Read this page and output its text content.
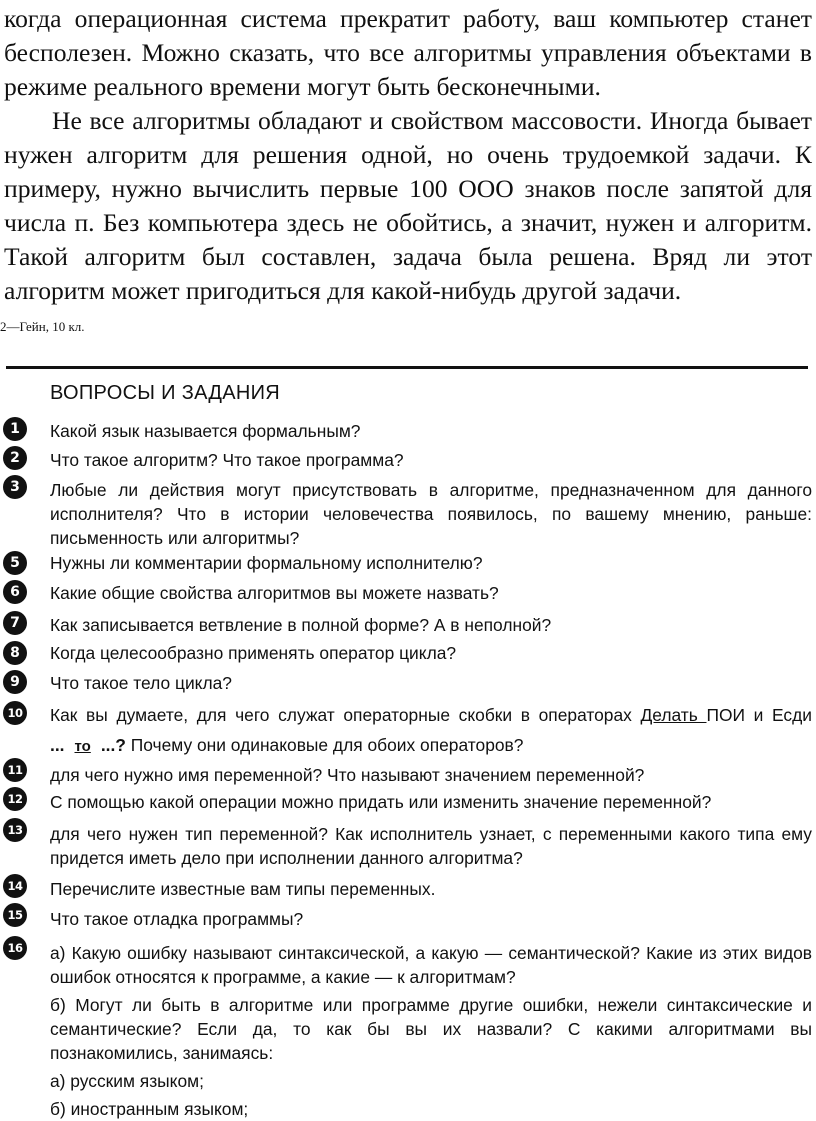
когда операционная система прекратит работу, ваш компьютер станет бесполезен. Можно сказать, что все алгоритмы управления объектами в режиме реального времени могут быть бесконечными.

Не все алгоритмы обладают и свойством массовости. Иногда бывает нужен алгоритм для решения одной, но очень трудоемкой задачи. К примеру, нужно вычислить первые 100 ООО знаков после запятой для числа п. Без компьютера здесь не обойтись, а значит, нужен и алгоритм. Такой алгоритм был составлен, задача была решена. Вряд ли этот алгоритм может пригодиться для какой-нибудь другой задачи.

2—Гейн, 10 кл.
ВОПРОСЫ И ЗАДАНИЯ
1	Какой язык называется формальным?
2	Что такое алгоритм? Что такое программа?
3	Любые ли действия могут присутствовать в алгоритме, предназначенном для данного исполнителя? Что в истории человечества появилось, по вашему мнению, раньше: письменность или алгоритмы?
5	Нужны ли комментарии формальному исполнителю?
6	Какие общие свойства алгоритмов вы можете назвать?
7	Как записывается ветвление в полной форме? А в неполной?
8	Когда целесообразно применять оператор цикла?
9	Что такое тело цикла?
10 Как вы думаете, для чего служат операторные скобки в операторах Делать ПОИ и Есди ... то ...? Почему они одинаковые для обоих операторов?
11 для чего нужно имя переменной? Что называют значением переменной?
12 С помощью какой операции можно придать или изменить значение переменной?
13 для чего нужен тип переменной? Как исполнитель узнает, с переменными какого типа ему придется иметь дело при исполнении данного алгоритма?
14 Перечислите известные вам типы переменных.
15 Что такое отладка программы?
16 а) Какую ошибку называют синтаксической, а какую — семантической? Какие из этих видов ошибок относятся к программе, а какие — к алгоритмам?

б) Могут ли быть в алгоритме или программе другие ошибки, нежели синтаксические и семантические? Если да, то как бы вы их назвали? С какими алгоритмами вы познакомились, занимаясь:

а) русским языком;

б) иностранным языком;
